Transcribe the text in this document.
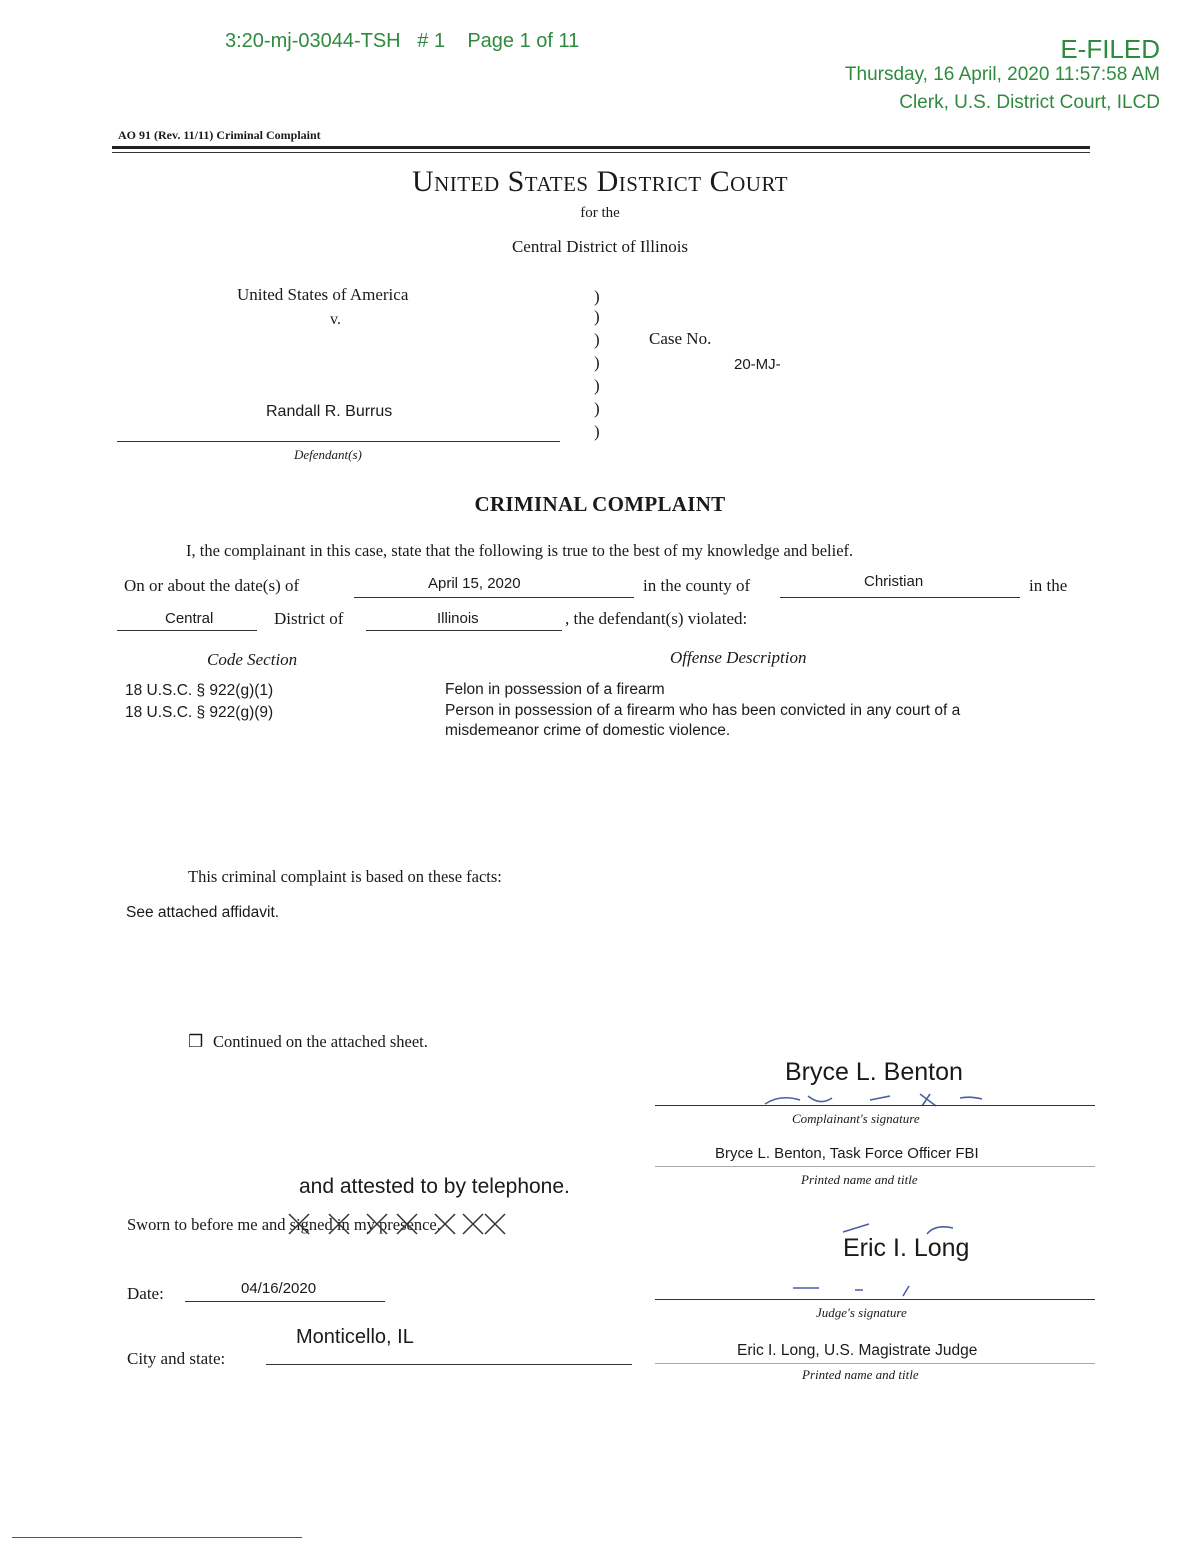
3:20-mj-03044-TSH   # 1    Page 1 of 11	E-FILED
Thursday, 16 April, 2020 11:57:58 AM
Clerk, U.S. District Court, ILCD
AO 91 (Rev. 11/11) Criminal Complaint
United States District Court
for the
Central District of Illinois
United States of America
v.
Randall R. Burrus
Defendant(s)
)
)
)
)
)
)
)
Case No.
20-MJ-
CRIMINAL COMPLAINT
I, the complainant in this case, state that the following is true to the best of my knowledge and belief.
On or about the date(s) of	April 15, 2020	in the county of	Christian	in the
Central	District of	Illinois	, the defendant(s) violated:
Code Section	Offense Description
18 U.S.C. § 922(g)(1)	Felon in possession of a firearm
18 U.S.C. § 922(g)(9)	Person in possession of a firearm who has been convicted in any court of a
misdemeanor crime of domestic violence.
This criminal complaint is based on these facts:
See attached affidavit.
❒ Continued on the attached sheet.
Bryce L. Benton
Complainant's signature
Bryce L. Benton, Task Force Officer FBI
Printed name and title
and attested to by telephone.
Sworn to before me and signed in my presence.
Eric I. Long
Judge's signature
Eric I. Long, U.S. Magistrate Judge
Printed name and title
Date:	04/16/2020
City and state:
Monticello, IL
